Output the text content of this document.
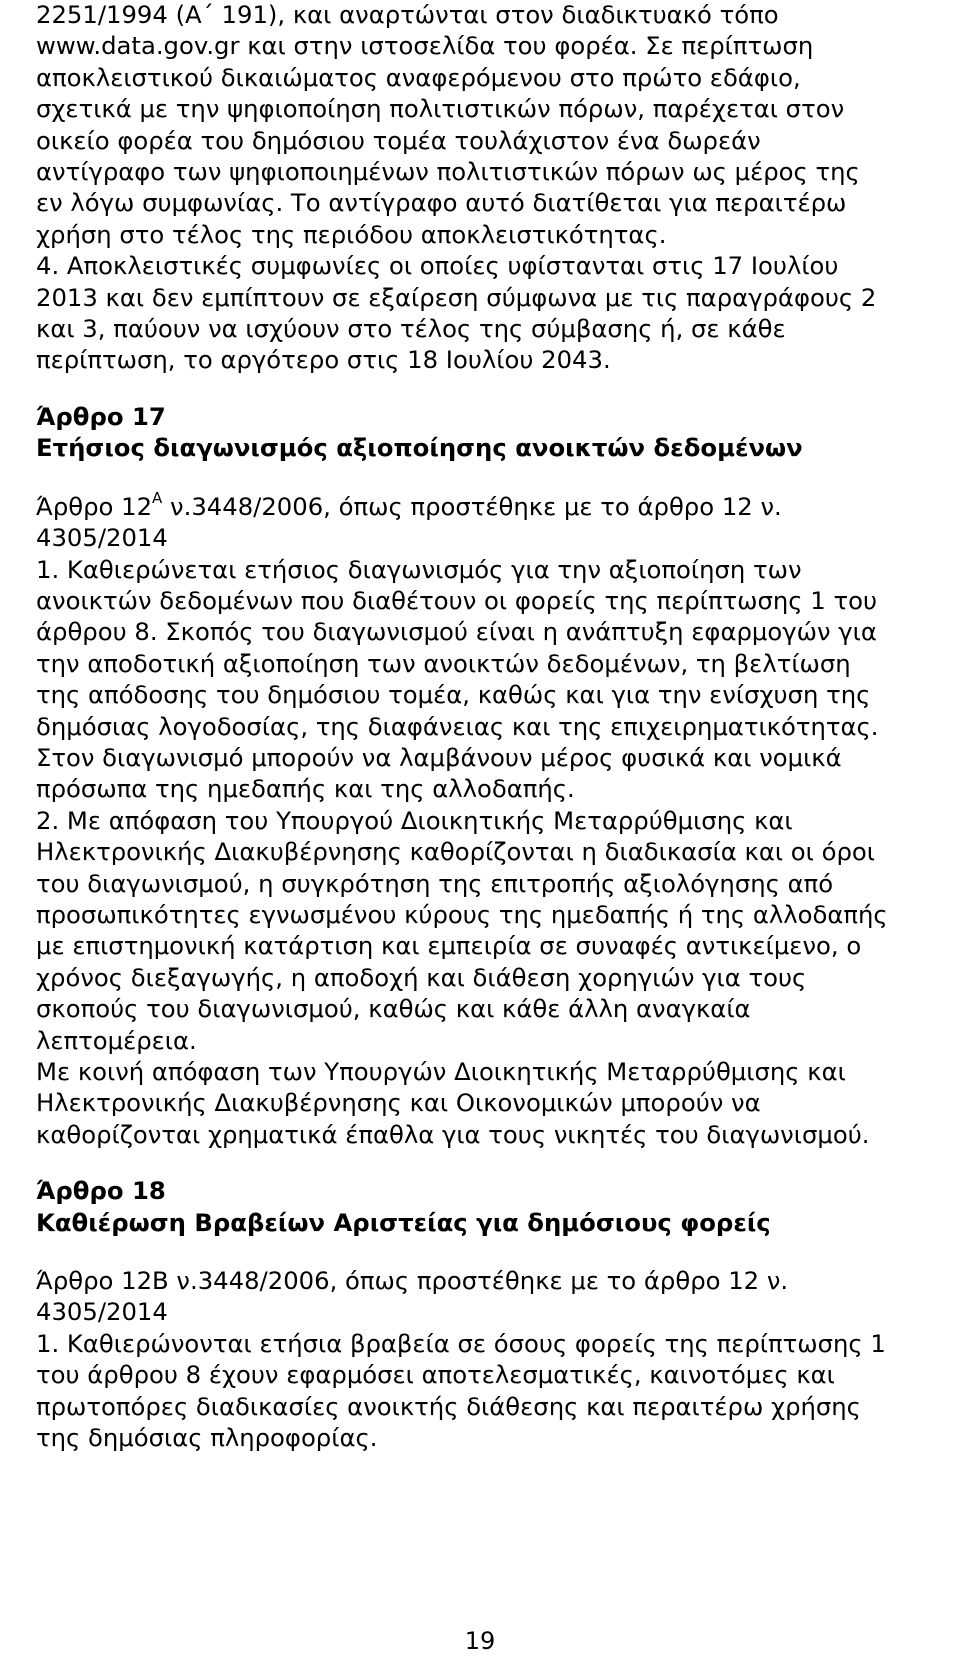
2251/1994 (Α΄ 191), και αναρτώνται στον διαδικτυακό τόπο
www.data.gov.gr και στην ιστοσελίδα του φορέα. Σε περίπτωση
αποκλειστικού δικαιώματος αναφερόμενου στο πρώτο εδάφιο,
σχετικά με την ψηφιοποίηση πολιτιστικών πόρων, παρέχεται στον
οικείο φορέα του δημόσιου τομέα τουλάχιστον ένα δωρεάν
αντίγραφο των ψηφιοποιημένων πολιτιστικών πόρων ως μέρος της
εν λόγω συμφωνίας. Το αντίγραφο αυτό διατίθεται για περαιτέρω
χρήση στο τέλος της περιόδου αποκλειστικότητας.
4. Αποκλειστικές συμφωνίες οι οποίες υφίστανται στις 17 Ιουλίου
2013 και δεν εμπίπτουν σε εξαίρεση σύμφωνα με τις παραγράφους 2
και 3, παύουν να ισχύουν στο τέλος της σύμβασης ή, σε κάθε
περίπτωση, το αργότερο στις 18 Ιουλίου 2043.
Άρθρο 17
Ετήσιος διαγωνισμός αξιοποίησης ανοικτών δεδομένων
Άρθρο $12^A$ ν.3448/2006, όπως προστέθηκε με το άρθρο 12 ν.
4305/2014
1. Καθιερώνεται ετήσιος διαγωνισμός για την αξιοποίηση των
ανοικτών δεδομένων που διαθέτουν οι φορείς της περίπτωσης 1 του
άρθρου 8. Σκοπός του διαγωνισμού είναι η ανάπτυξη εφαρμογών για
την αποδοτική αξιοποίηση των ανοικτών δεδομένων, τη βελτίωση
της απόδοσης του δημόσιου τομέα, καθώς και για την ενίσχυση της
δημόσιας λογοδοσίας, της διαφάνειας και της επιχειρηματικότητας.
Στον διαγωνισμό μπορούν να λαμβάνουν μέρος φυσικά και νομικά
πρόσωπα της ημεδαπής και της αλλοδαπής.
2. Με απόφαση του Υπουργού Διοικητικής Μεταρρύθμισης και
Ηλεκτρονικής Διακυβέρνησης καθορίζονται η διαδικασία και οι όροι
του διαγωνισμού, η συγκρότηση της επιτροπής αξιολόγησης από
προσωπικότητες εγνωσμένου κύρους της ημεδαπής ή της αλλοδαπής
με επιστημονική κατάρτιση και εμπειρία σε συναφές αντικείμενο, ο
χρόνος διεξαγωγής, η αποδοχή και διάθεση χορηγιών για τους
σκοπούς του διαγωνισμού, καθώς και κάθε άλλη αναγκαία
λεπτομέρεια.
Με κοινή απόφαση των Υπουργών Διοικητικής Μεταρρύθμισης και
Ηλεκτρονικής Διακυβέρνησης και Οικονομικών μπορούν να
καθορίζονται χρηματικά έπαθλα για τους νικητές του διαγωνισμού.
Άρθρο 18
Καθιέρωση Βραβείων Αριστείας για δημόσιους φορείς
Άρθρο 12Β ν.3448/2006, όπως προστέθηκε με το άρθρο 12 ν.
4305/2014
1. Καθιερώνονται ετήσια βραβεία σε όσους φορείς της περίπτωσης 1
του άρθρου 8 έχουν εφαρμόσει αποτελεσματικές, καινοτόμες και
πρωτοπόρες διαδικασίες ανοικτής διάθεσης και περαιτέρω χρήσης
της δημόσιας πληροφορίας.
19
